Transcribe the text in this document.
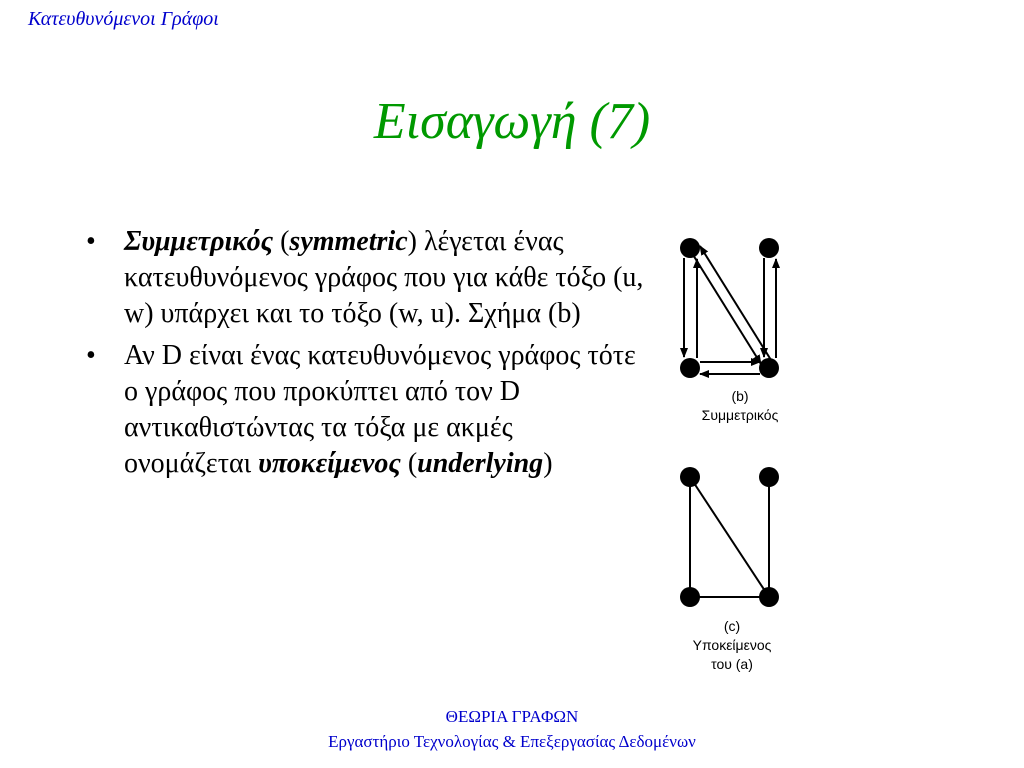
Κατευθυνόμενοι Γράφοι
Εισαγωγή (7)
• Συμμετρικός (symmetric) λέγεται ένας κατευθυνόμενος γράφος που για κάθε τόξο (u, w) υπάρχει και το τόξο (w, u). Σχήμα (b)
• Αν D είναι ένας κατευθυνόμενος γράφος τότε ο γράφος που προκύπτει από τον D αντικαθιστώντας τα τόξα με ακμές ονομάζεται υποκείμενος (underlying)
(b)
Συμμετρικός
(c)
Υποκείμενος
του (a)
ΘΕΩΡΙΑ ΓΡΑΦΩΝ
Εργαστήριο Τεχνολογίας & Επεξεργασίας Δεδομένων
